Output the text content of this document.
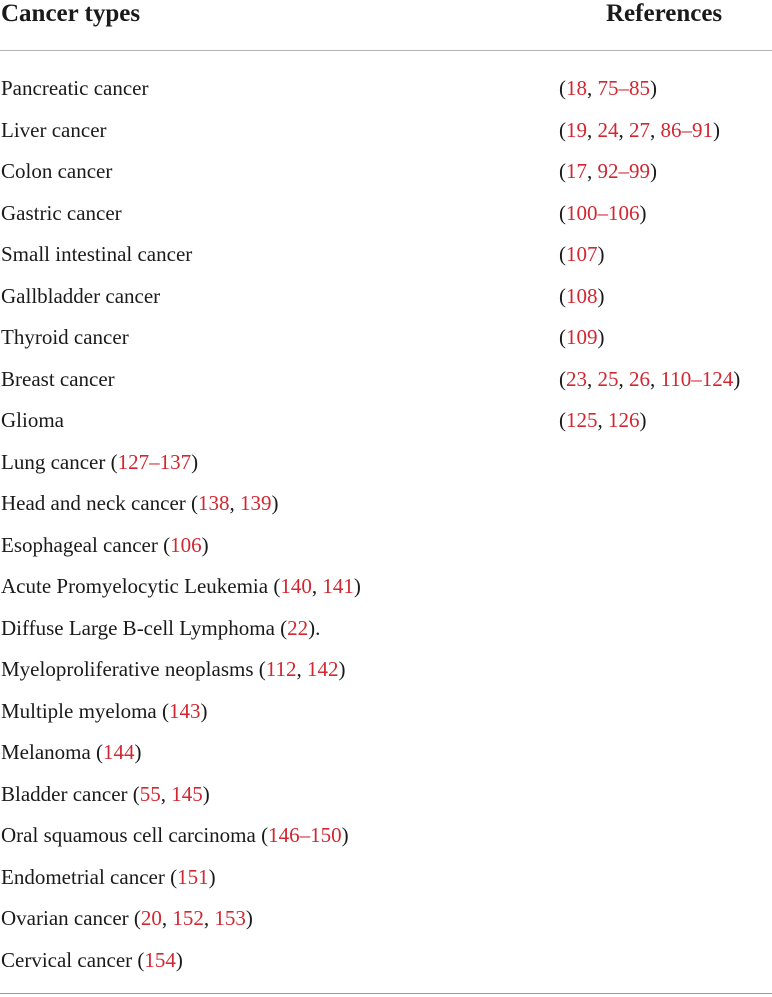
Cancer types	References
Pancreatic cancer	(18, 75–85)
Liver cancer	(19, 24, 27, 86–91)
Colon cancer	(17, 92–99)
Gastric cancer	(100–106)
Small intestinal cancer	(107)
Gallbladder cancer	(108)
Thyroid cancer	(109)
Breast cancer	(23, 25, 26, 110–124)
Glioma	(125, 126)
Lung cancer (127–137)
Head and neck cancer (138, 139)
Esophageal cancer (106)
Acute Promyelocytic Leukemia (140, 141)
Diffuse Large B-cell Lymphoma (22).
Myeloproliferative neoplasms (112, 142)
Multiple myeloma (143)
Melanoma (144)
Bladder cancer (55, 145)
Oral squamous cell carcinoma (146–150)
Endometrial cancer (151)
Ovarian cancer (20, 152, 153)
Cervical cancer (154)
